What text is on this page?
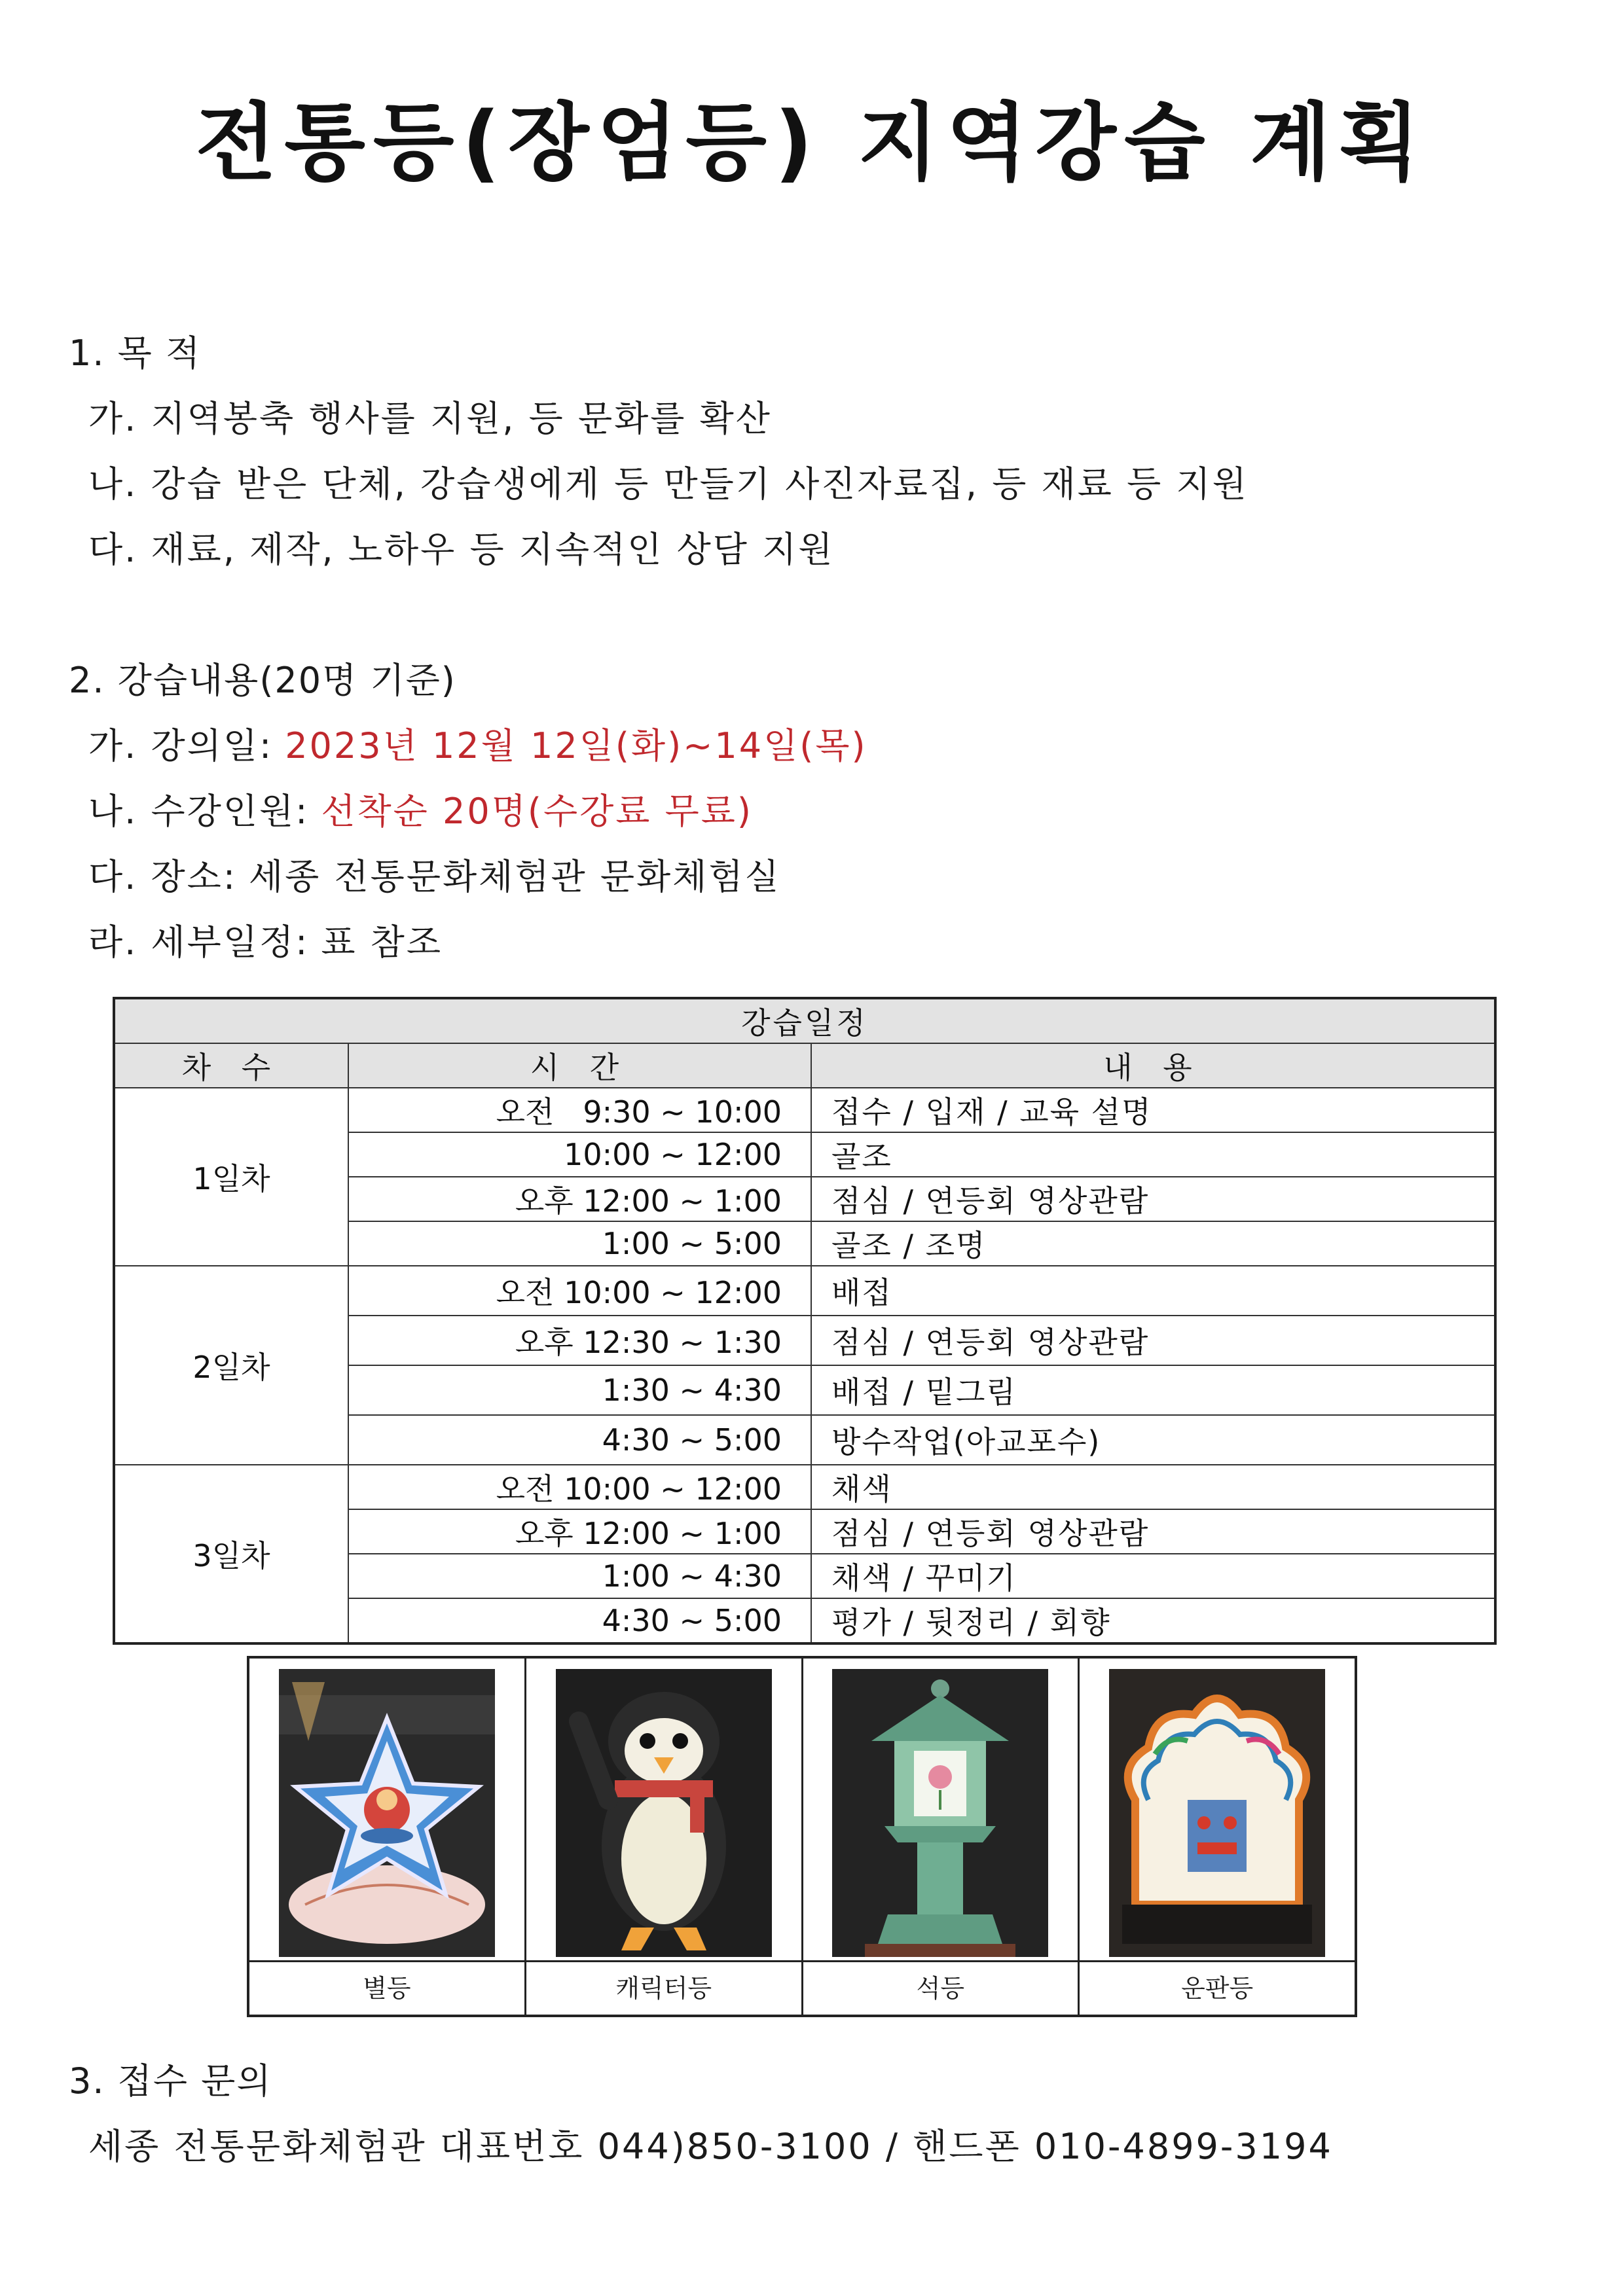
전통등(장엄등) 지역강습 계획
1. 목 적
가. 지역봉축 행사를 지원, 등 문화를 확산
나. 강습 받은 단체, 강습생에게 등 만들기 사진자료집, 등 재료 등 지원
다. 재료, 제작, 노하우 등 지속적인 상담 지원
2. 강습내용(20명 기준)
가. 강의일: 2023년 12월 12일(화)~14일(목)
나. 수강인원: 선착순 20명(수강료 무료)
다. 장소: 세종 전통문화체험관 문화체험실
라. 세부일정: 표 참조
강습일정		
차 수	시 간	내 용
1일차	오전   9:30 ~ 10:00	접수 / 입재 / 교육 설명
	10:00 ~ 12:00	골조
	오후 12:00 ~ 1:00	점심 / 연등회 영상관람
	1:00 ~ 5:00	골조 / 조명
2일차	오전 10:00 ~ 12:00	배접
	오후 12:30 ~ 1:30	점심 / 연등회 영상관람
	1:30 ~ 4:30	배접 / 밑그림
	4:30 ~ 5:00	방수작업(아교포수)
3일차	오전 10:00 ~ 12:00	채색
	오후 12:00 ~ 1:00	점심 / 연등회 영상관람
	1:00 ~ 4:30	채색 / 꾸미기
	4:30 ~ 5:00	평가 / 뒷정리 / 회향
별등	캐릭터등	석등	운판등
3. 접수 문의
세종 전통문화체험관 대표번호 044)850-3100 / 핸드폰 010-4899-3194
